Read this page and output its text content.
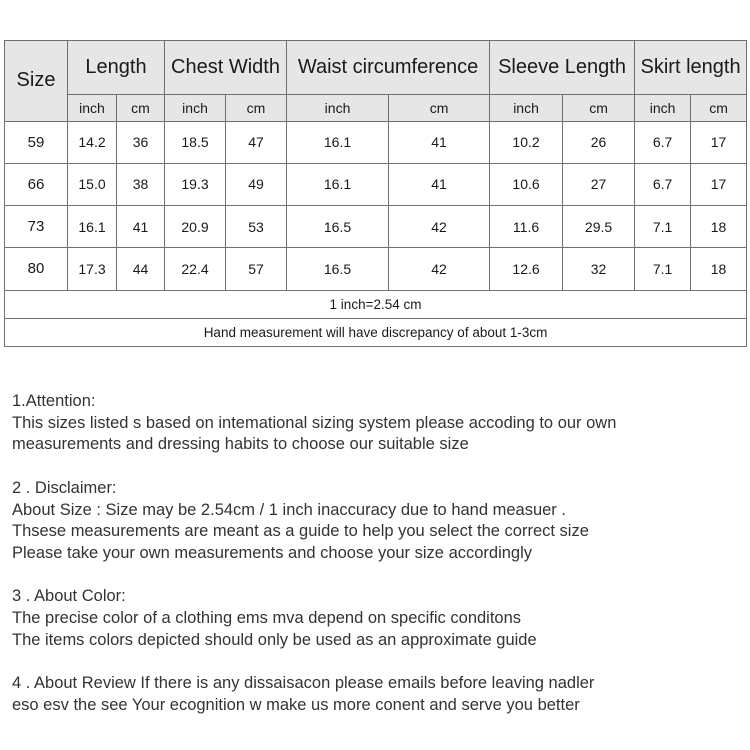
Size	Length		Chest Width		Waist circumference		Sleeve Length		Skirt length	
	inch	cm	inch	cm	inch	cm	inch	cm	inch	cm
59	14.2	36	18.5	47	16.1	41	10.2	26	6.7	17
66	15.0	38	19.3	49	16.1	41	10.6	27	6.7	17
73	16.1	41	20.9	53	16.5	42	11.6	29.5	7.1	18
80	17.3	44	22.4	57	16.5	42	12.6	32	7.1	18
1 inch=2.54 cm										
Hand measurement will have discrepancy of about 1-3cm										
1.Attention:
This sizes listed s based on intemational sizing system please accoding to our own
measurements and dressing habits to choose our suitable size
2 . Disclaimer:
About Size : Size may be 2.54cm / 1 inch inaccuracy due to hand measuer .
Thsese measurements are meant as a guide to help you select the correct size
Please take your own measurements and choose your size accordingly
3 . About Color:
The precise color of a clothing ems mva depend on specific conditons
The items colors depicted should only be used as an approximate guide
4 . About Review If there is any dissaisacon please emails before leaving nadler
eso esv the see Your ecognition w make us more conent and serve you better
